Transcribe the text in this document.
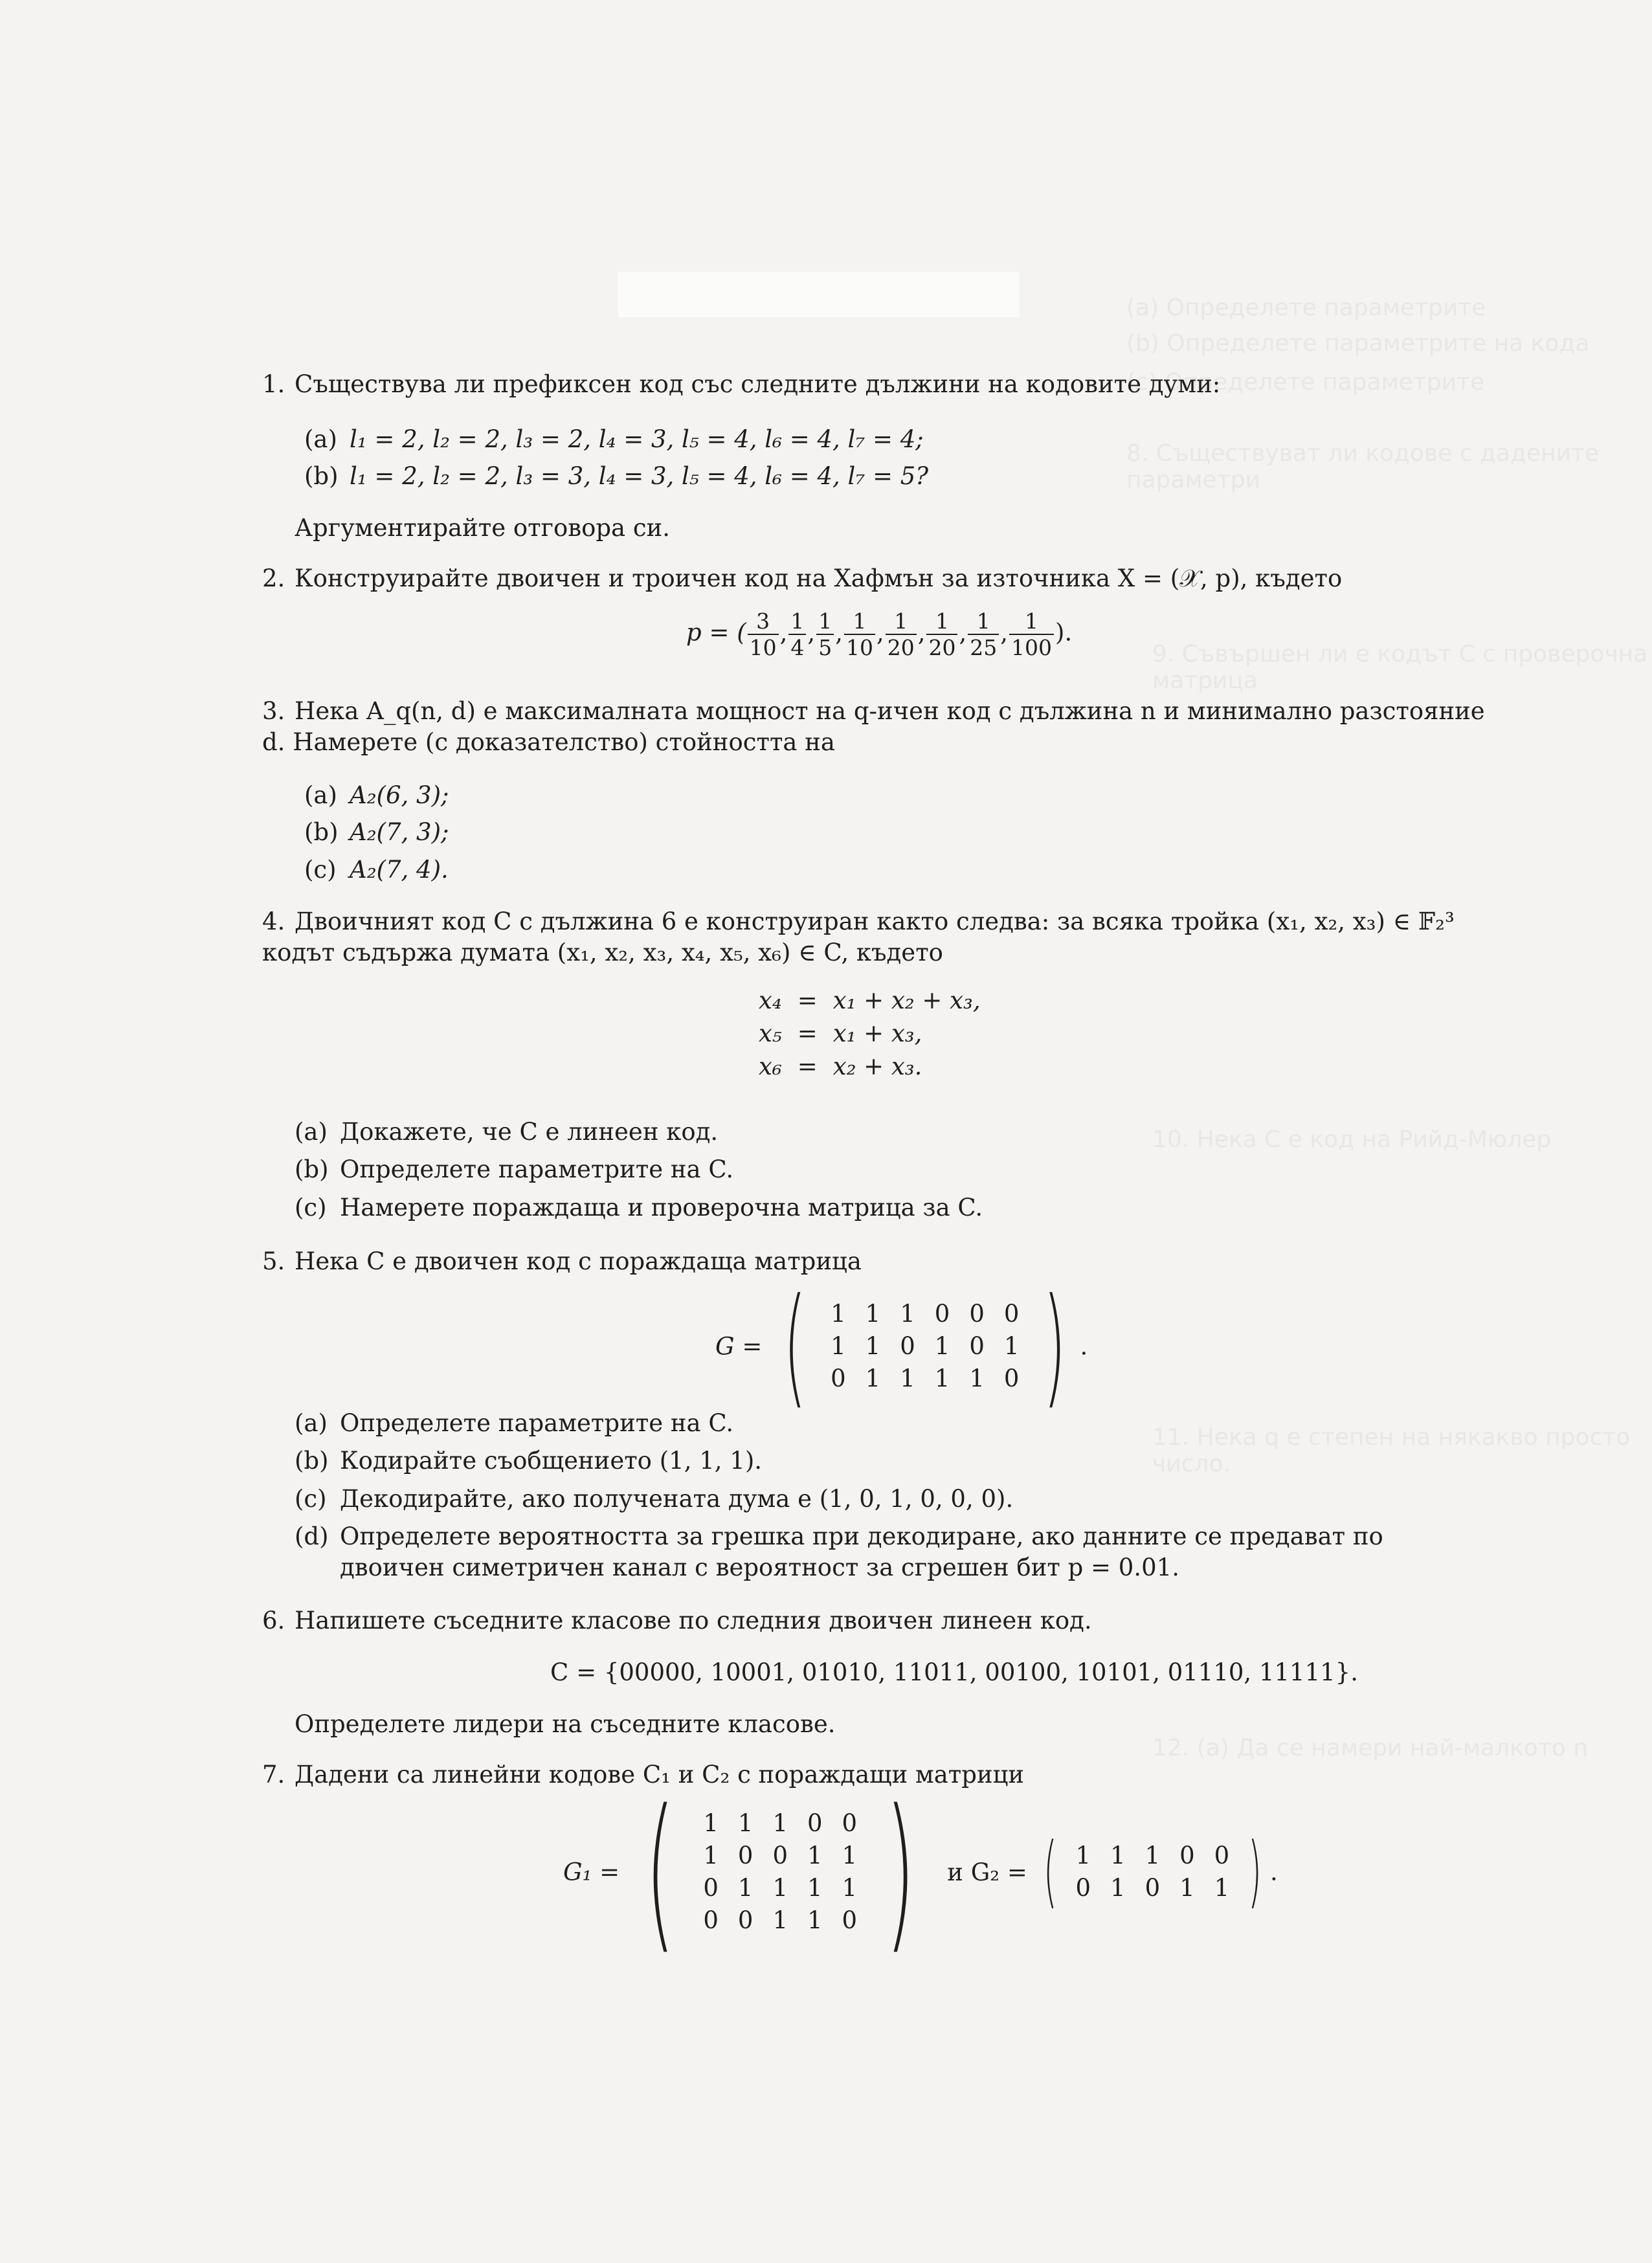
(a) Определете параметрите
(b) Определете параметрите на кода
(c) Определете параметрите
8. Съществуват ли кодове с дадените параметри
9. Съвършен ли е кодът C с проверочна матрица
10. Нека C е код на Рийд-Мюлер
11. Нека q е степен на някакво просто число.
12. (a) Да се намери най-малкото n
1. Съществува ли префиксен код със следните дължини на кодовите думи:
(a) l₁ = 2, l₂ = 2, l₃ = 2, l₄ = 3, l₅ = 4, l₆ = 4, l₇ = 4;
(b) l₁ = 2, l₂ = 2, l₃ = 3, l₄ = 3, l₅ = 4, l₆ = 4, l₇ = 5?
Аргументирайте отговора си.
2. Конструирайте двоичен и троичен код на Хафмън за източника X = (𝒳, p), където
p = ( $\frac{3}{10}$ , $\frac{1}{4}$ , $\frac{1}{5}$ , $\frac{1}{10}$ , $\frac{1}{20}$ , $\frac{1}{20}$ , $\frac{1}{25}$ , $\frac{1}{100}$ ).
3. Нека A_q(n, d) е максималната мощност на q-ичен код с дължина n и минимално разстояние d. Намерете (с доказателство) стойността на
(a) A₂(6, 3);
(b) A₂(7, 3);
(c) A₂(7, 4).
4. Двоичният код C с дължина 6 е конструиран както следва: за всяка тройка (x₁, x₂, x₃) ∈ 𝔽₂³ кодът съдържа думата (x₁, x₂, x₃, x₄, x₅, x₆) ∈ C, където
x₄	=	x₁ + x₂ + x₃,
x₅	=	x₁ + x₃,
x₆	=	x₂ + x₃.
(a) Докажете, че C е линеен код.
(b) Определете параметрите на C.
(c) Намерете пораждаща и проверочна матрица за C.
5. Нека C е двоичен код с пораждаща матрица
G = ( 1	1	1	0	0	0
1	1	0	1	0	1
0	1	1	1	1	0 ) .
(a) Определете параметрите на C.
(b) Кодирайте съобщението (1, 1, 1).
(c) Декодирайте, ако получената дума е (1, 0, 1, 0, 0, 0).
(d) Определете вероятността за грешка при декодиране, ако данните се предават по двоичен симетричен канал с вероятност за сгрешен бит p = 0.01.
6. Напишете съседните класове по следния двоичен линеен код.
C = {00000, 10001, 01010, 11011, 00100, 10101, 01110, 11111}.
Определете лидери на съседните класове.
7. Дадени са линейни кодове C₁ и C₂ с пораждащи матрици
G₁ = ( 1	1	1	0	0
1	0	0	1	1
0	1	1	1	1
0	0	1	1	0 ) и G₂ = ( 1	1	1	0	0
0	1	0	1	1 ) .
